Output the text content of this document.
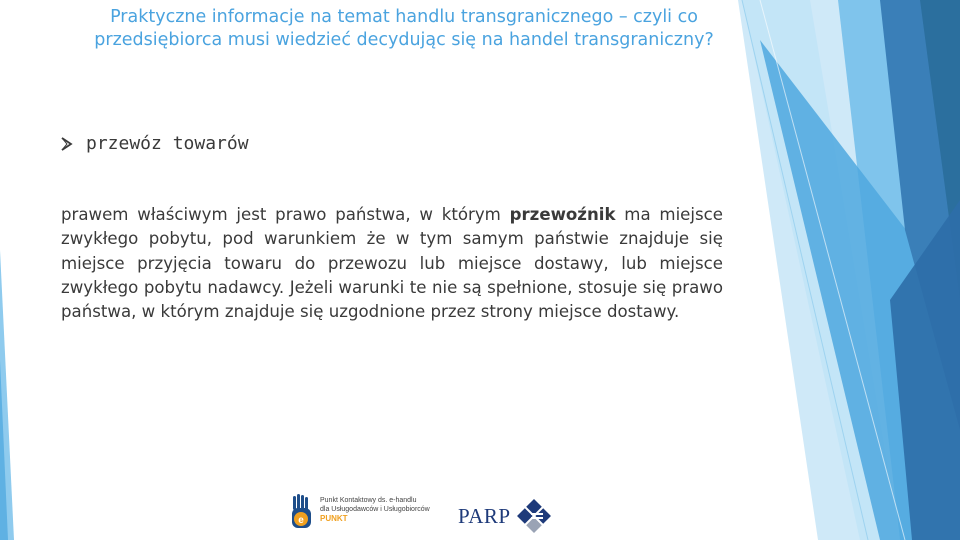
Praktyczne informacje na temat handlu transgranicznego – czyli co przedsiębiorca musi wiedzieć decydując się na handel transgraniczny?
przewóz towarów
prawem właściwym jest prawo państwa, w którym przewoźnik ma miejsce zwykłego pobytu, pod warunkiem że w tym samym państwie znajduje się miejsce przyjęcia towaru do przewozu lub miejsce dostawy, lub miejsce zwykłego pobytu nadawcy. Jeżeli warunki te nie są spełnione, stosuje się prawo państwa, w którym znajduje się uzgodnione przez strony miejsce dostawy.
e
Punkt Kontaktowy ds. e-handlu
dla Usługodawców i Usługobiorców
PUNKT	PARP
